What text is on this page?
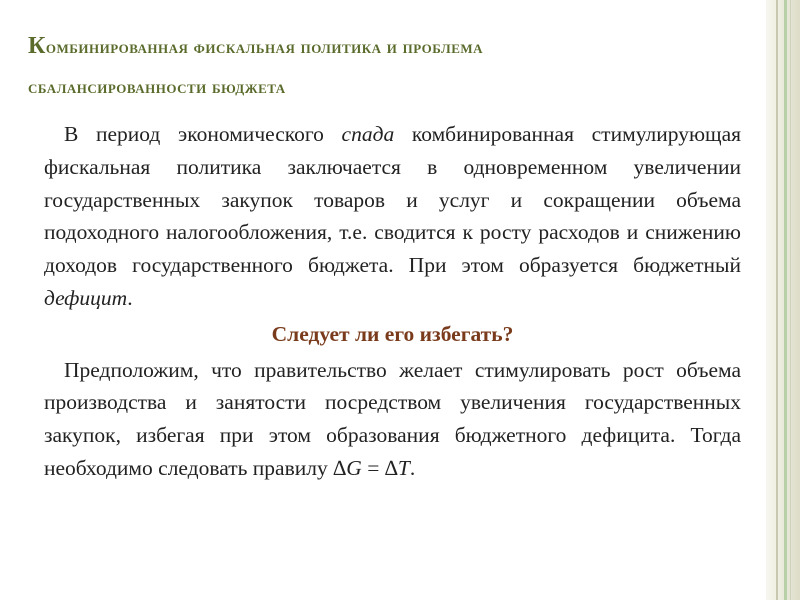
Комбинированная фискальная политика и проблема
сбалансированности бюджета

В период экономического спада комбинированная стимулирующая фискальная политика заключается в одновременном увеличении государственных закупок товаров и услуг и сокращении объема подоходного налогообложения, т.е. сводится к росту расходов и снижению доходов государственного бюджета. При этом образуется бюджетный дефицит.

Следует ли его избегать?

Предположим, что правительство желает стимулировать рост объема производства и занятости посредством увеличения государственных закупок, избегая при этом образования бюджетного дефицита. Тогда необходимо следовать правилу ∆G = ∆T.
